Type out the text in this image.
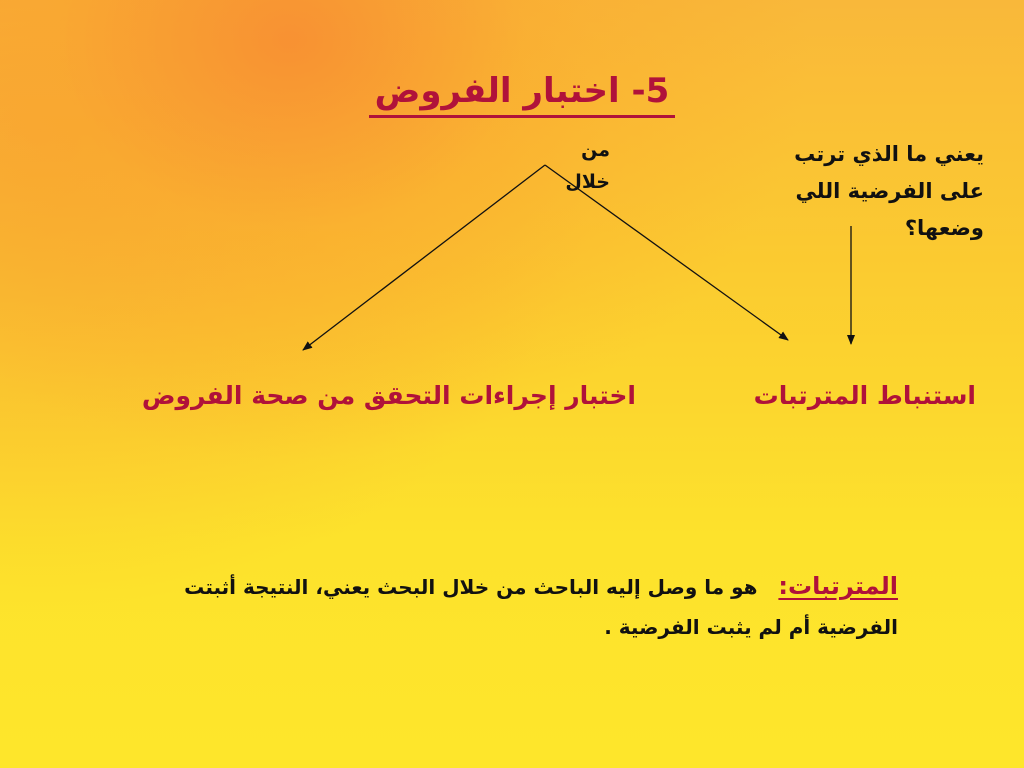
5- اختبار الفروض
من خلال
يعني ما الذي ترتب على الفرضية اللي وضعها؟
استنباط المترتبات
اختبار إجراءات التحقق من صحة الفروض
المترتبات:   هو ما وصل إليه الباحث من خلال البحث يعني، النتيجة أثبتت الفرضية أم لم يثبت الفرضية .
